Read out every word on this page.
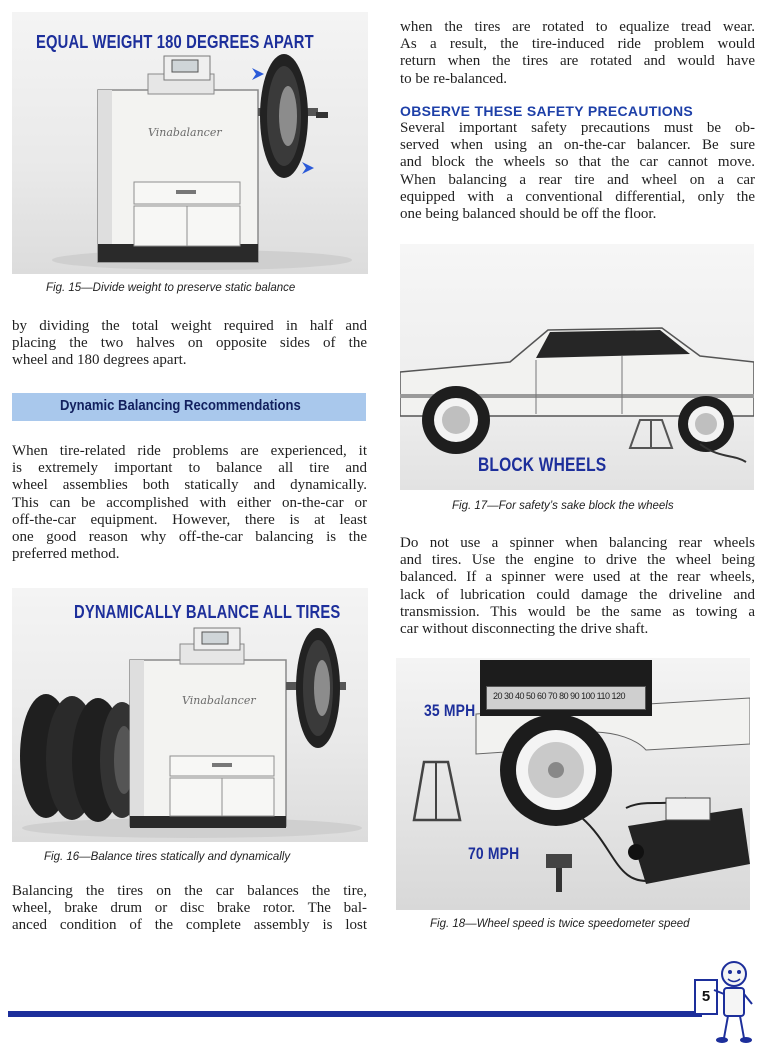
Vinabalancer
EQUAL WEIGHT 180 DEGREES APART
Fig. 15—Divide weight to preserve static balance
by dividing the total weight required in half and
placing the two halves on opposite sides of the
wheel and 180 degrees apart.
Dynamic Balancing Recommendations
When tire-related ride problems are experienced, it
is extremely important to balance all tire and
wheel assemblies both statically and dynamically.
This can be accomplished with either on-the-car or
off-the-car equipment. However, there is at least
one good reason why off-the-car balancing is the
preferred method.
Vinabalancer
DYNAMICALLY BALANCE ALL TIRES
Fig. 16—Balance tires statically and dynamically
Balancing the tires on the car balances the tire,
wheel, brake drum or disc brake rotor. The bal-
anced condition of the complete assembly is lost
when the tires are rotated to equalize tread wear.
As a result, the tire-induced ride problem would
return when the tires are rotated and would have
to be re-balanced.
OBSERVE THESE SAFETY PRECAUTIONS
Several important safety precautions must be ob-
served when using an on-the-car balancer. Be sure
and block the wheels so that the car cannot move.
When balancing a rear tire and wheel on a car
equipped with a conventional differential, only the
one being balanced should be off the floor.
BLOCK WHEELS
Fig. 17—For safety’s sake block the wheels
Do not use a spinner when balancing rear wheels
and tires. Use the engine to drive the wheel being
balanced. If a spinner were used at the rear wheels,
lack of lubrication could damage the driveline and
transmission. This would be the same as towing a
car without disconnecting the drive shaft.
20 30 40 50 60 70 80 90 100 110 120
35 MPH
70 MPH
Fig. 18—Wheel speed is twice speedometer speed
5
